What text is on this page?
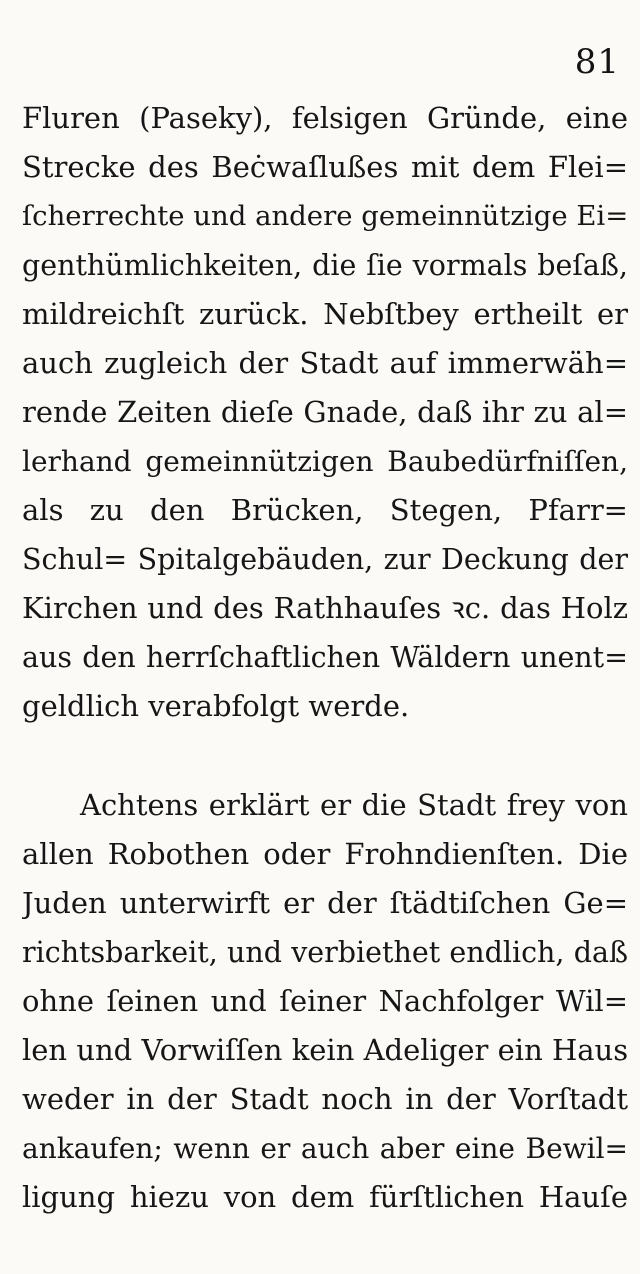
81

Fluren (Paseky), felsigen Gründe, eine
Strecke des Beċwaſlußes mit dem Flei=
ſcherrechte und andere gemeinnützige Ei=
genthümlichkeiten, die ſie vormals beſaß,
mildreichſt zurück. Nebſtbey ertheilt er
auch zugleich der Stadt auf immerwäh=
rende Zeiten dieſe Gnade, daß ihr zu al=
lerhand gemeinnützigen Baubedürfniſſen,
als zu den Brücken, Stegen, Pfarr=
Schul= Spitalgebäuden, zur Deckung der
Kirchen und des Rathhauſes ꝛc. das Holz
aus den herrſchaftlichen Wäldern unent=
geldlich verabfolgt werde.

Achtens erklärt er die Stadt frey von
allen Robothen oder Frohndienſten. Die
Juden unterwirft er der ſtädtiſchen Ge=
richtsbarkeit, und verbiethet endlich, daß
ohne ſeinen und ſeiner Nachfolger Wil=
len und Vorwiſſen kein Adeliger ein Haus
weder in der Stadt noch in der Vorſtadt
ankaufen; wenn er auch aber eine Bewil=
ligung hiezu von dem fürſtlichen Hauſe
